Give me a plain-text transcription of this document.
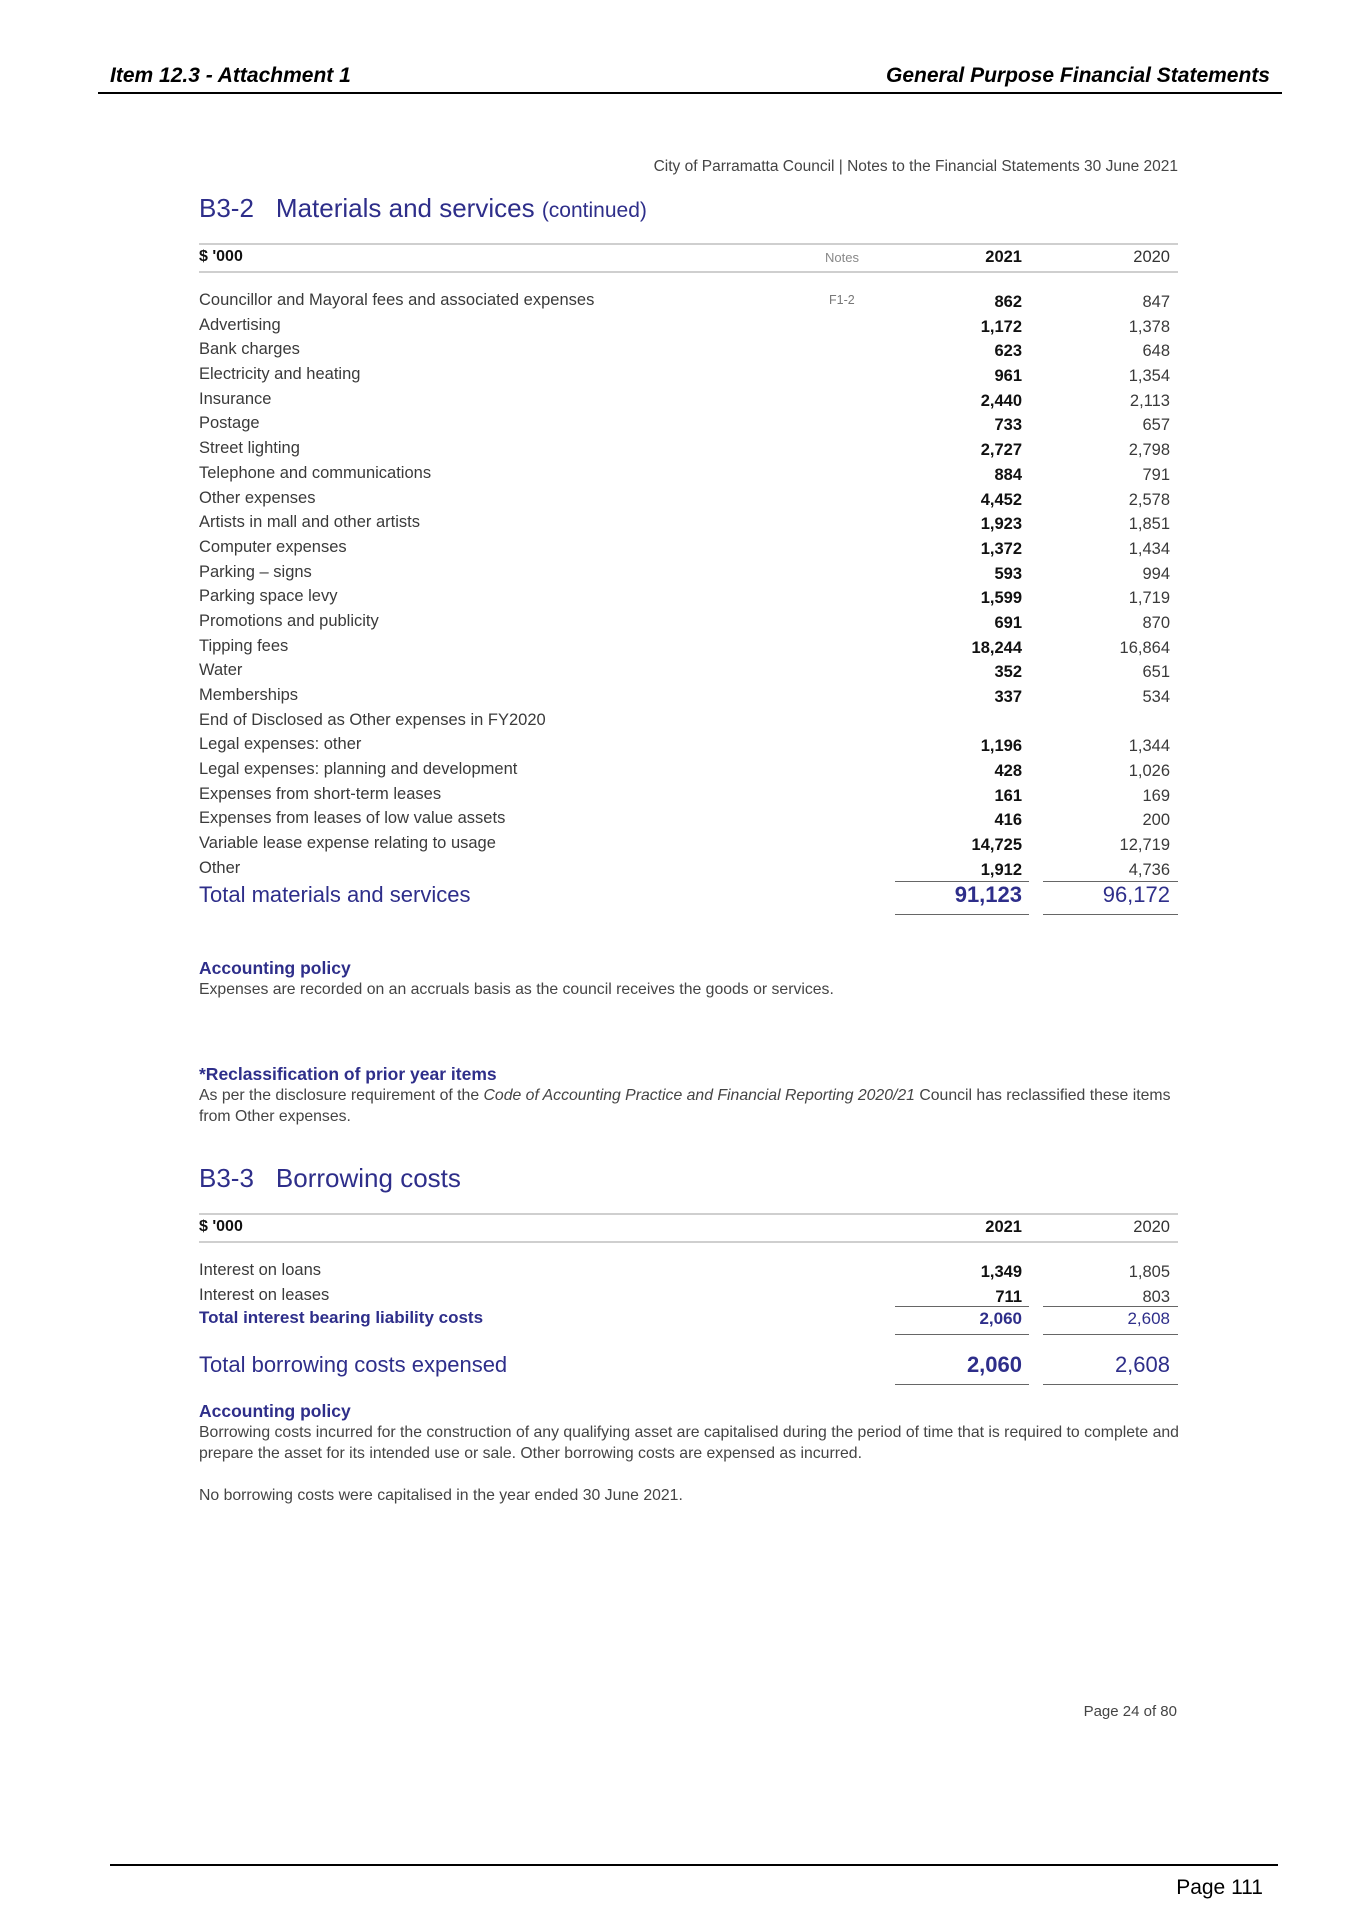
Item 12.3 - Attachment 1	General Purpose Financial Statements
City of Parramatta Council | Notes to the Financial Statements 30 June 2021
B3-2 Materials and services (continued)
$ '000	Notes	2021	2020
Councillor and Mayoral fees and associated expenses	F1-2	862	847
Advertising	1,172	1,378
Bank charges	623	648
Electricity and heating	961	1,354
Insurance	2,440	2,113
Postage	733	657
Street lighting	2,727	2,798
Telephone and communications	884	791
Other expenses	4,452	2,578
Artists in mall and other artists	1,923	1,851
Computer expenses	1,372	1,434
Parking – signs	593	994
Parking space levy	1,599	1,719
Promotions and publicity	691	870
Tipping fees	18,244	16,864
Water	352	651
Memberships	337	534
End of Disclosed as Other expenses in FY2020
Legal expenses: other	1,196	1,344
Legal expenses: planning and development	428	1,026
Expenses from short-term leases	161	169
Expenses from leases of low value assets	416	200
Variable lease expense relating to usage	14,725	12,719
Other	1,912	4,736
Total materials and services	91,123	96,172
Accounting policy
Expenses are recorded on an accruals basis as the council receives the goods or services.
*Reclassification of prior year items
As per the disclosure requirement of the Code of Accounting Practice and Financial Reporting 2020/21 Council has reclassified these items from Other expenses.
B3-3 Borrowing costs
$ '000	2021	2020
Interest on loans	1,349	1,805
Interest on leases	711	803
Total interest bearing liability costs	2,060	2,608
Total borrowing costs expensed	2,060	2,608
Accounting policy
Borrowing costs incurred for the construction of any qualifying asset are capitalised during the period of time that is required to complete and prepare the asset for its intended use or sale. Other borrowing costs are expensed as incurred.
No borrowing costs were capitalised in the year ended 30 June 2021.
Page 24 of 80
Page 111
